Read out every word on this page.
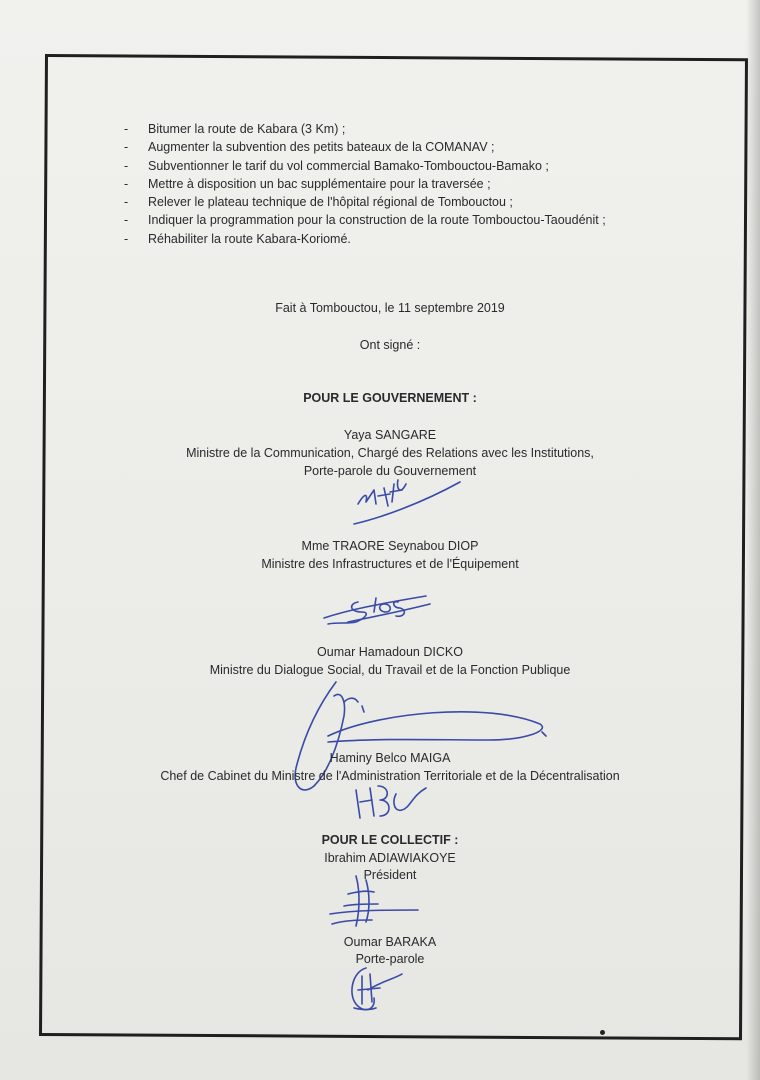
- Bitumer la route de Kabara (3 Km) ;
- Augmenter la subvention des petits bateaux de la COMANAV ;
- Subventionner le tarif du vol commercial Bamako-Tombouctou-Bamako ;
- Mettre à disposition un bac supplémentaire pour la traversée ;
- Relever le plateau technique de l'hôpital régional de Tombouctou ;
- Indiquer la programmation pour la construction de la route Tombouctou-Taoudénit ;
- Réhabiliter la route Kabara-Koriomé.
Fait à Tombouctou, le 11 septembre 2019
Ont signé :
POUR LE GOUVERNEMENT :
Yaya SANGARE
Ministre de la Communication, Chargé des Relations avec les Institutions,
Porte-parole du Gouvernement
Mme TRAORE Seynabou DIOP
Ministre des Infrastructures et de l'Équipement
Oumar Hamadoun DICKO
Ministre du Dialogue Social, du Travail et de la Fonction Publique
Haminy Belco MAIGA
Chef de Cabinet du Ministre de l'Administration Territoriale et de la Décentralisation
POUR LE COLLECTIF :
Ibrahim ADIAWIAKOYE
Président
Oumar BARAKA
Porte-parole
